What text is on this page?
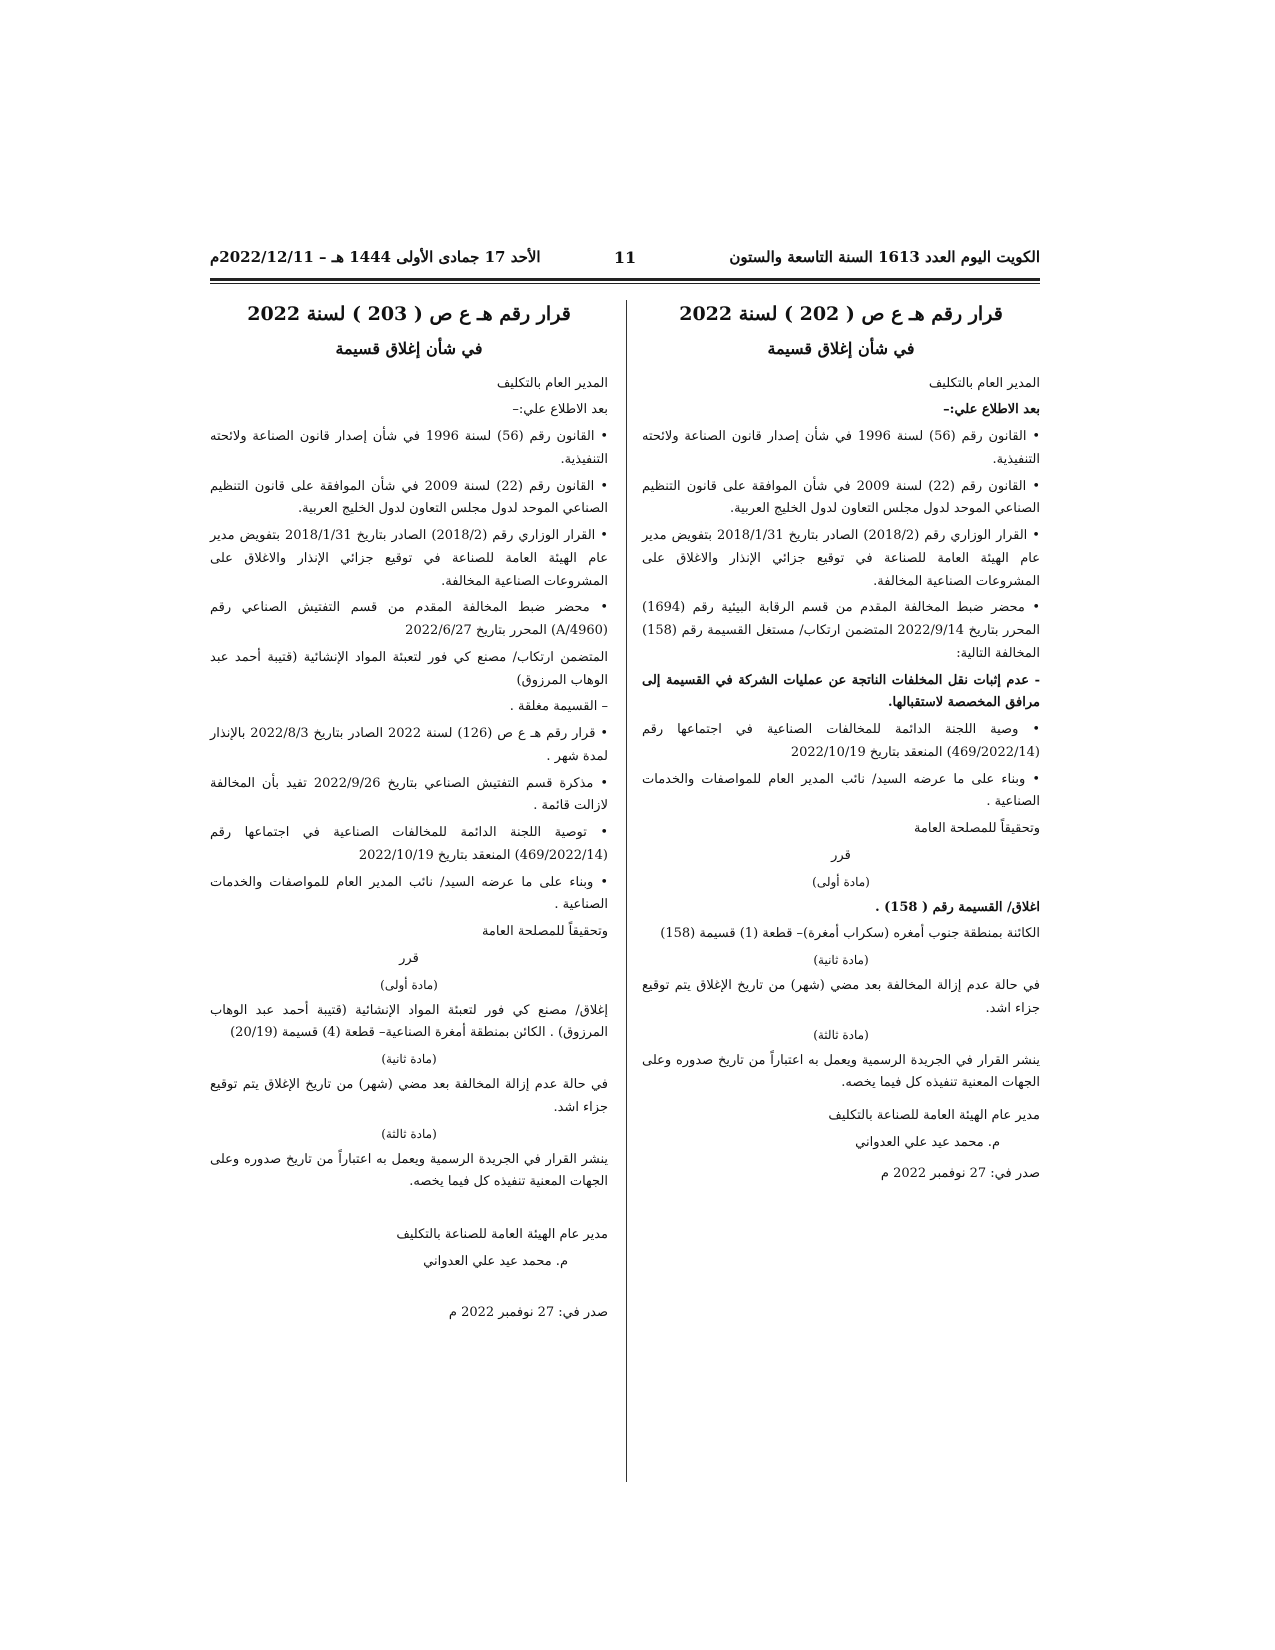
الكويت اليوم العدد 1613 السنة التاسعة والستون
11
الأحد 17 جمادى الأولى 1444 هـ – 2022/12/11م

قرار رقم هـ ع ص ( 202 ) لسنة 2022

في شأن إغلاق قسيمة

المدير العام بالتكليف

بعد الاطلاع علي:–

• القانون رقم (56) لسنة 1996 في شأن إصدار قانون الصناعة ولائحته التنفيذية.

• القانون رقم (22) لسنة 2009 في شأن الموافقة على قانون التنظيم الصناعي الموحد لدول مجلس التعاون لدول الخليج العربية.

• القرار الوزاري رقم (2018/2) الصادر بتاريخ 2018/1/31 بتفويض مدير عام الهيئة العامة للصناعة في توقيع جزائي الإنذار والاغلاق على المشروعات الصناعية المخالفة.

• محضر ضبط المخالفة المقدم من قسم الرقابة البيئية رقم (1694) المحرر بتاريخ 2022/9/14 المتضمن ارتكاب/ مستغل القسيمة رقم (158) المخالفة التالية:

- عدم إثبات نقل المخلفات الناتجة عن عمليات الشركة في القسيمة إلى مرافق المخصصة لاستقبالها.

• وصية اللجنة الدائمة للمخالفات الصناعية في اجتماعها رقم (469/2022/14) المنعقد بتاريخ 2022/10/19

• وبناء على ما عرضه السيد/ نائب المدير العام للمواصفات والخدمات الصناعية .

وتحقيقاً للمصلحة العامة

قرر

(مادة أولى)

اغلاق/ القسيمة رقم ( 158) .

الكائنة بمنطقة جنوب أمغره (سكراب أمغرة)– قطعة (1) قسيمة (158)

(مادة ثانية)

في حالة عدم إزالة المخالفة بعد مضي (شهر) من تاريخ الإغلاق يتم توقيع جزاء اشد.

(مادة ثالثة)

ينشر القرار في الجريدة الرسمية ويعمل به اعتباراً من تاريخ صدوره وعلى الجهات المعنية تنفيذه كل فيما يخصه.

مدير عام الهيئة العامة للصناعة بالتكليف

م. محمد عيد علي العدواني

صدر في: 27 نوفمبر 2022 م

قرار رقم هـ ع ص ( 203 ) لسنة 2022

في شأن إغلاق قسيمة

المدير العام بالتكليف

بعد الاطلاع علي:–

• القانون رقم (56) لسنة 1996 في شأن إصدار قانون الصناعة ولائحته التنفيذية.

• القانون رقم (22) لسنة 2009 في شأن الموافقة على قانون التنظيم الصناعي الموحد لدول مجلس التعاون لدول الخليج العربية.

• القرار الوزاري رقم (2018/2) الصادر بتاريخ 2018/1/31 بتفويض مدير عام الهيئة العامة للصناعة في توقيع جزائي الإنذار والاغلاق على المشروعات الصناعية المخالفة.

• محضر ضبط المخالفة المقدم من قسم التفتيش الصناعي رقم (4960/A) المحرر بتاريخ 2022/6/27

المتضمن ارتكاب/ مصنع كي فور لتعبئة المواد الإنشائية (قتيبة أحمد عبد الوهاب المرزوق)

– القسيمة مغلقة .

• قرار رقم هـ ع ص (126) لسنة 2022 الصادر بتاريخ 2022/8/3 بالإنذار لمدة شهر .

• مذكرة قسم التفتيش الصناعي بتاريخ 2022/9/26 تفيد بأن المخالفة لازالت قائمة .

• توصية اللجنة الدائمة للمخالفات الصناعية في اجتماعها رقم (469/2022/14) المنعقد بتاريخ 2022/10/19

• وبناء على ما عرضه السيد/ نائب المدير العام للمواصفات والخدمات الصناعية .

وتحقيقاً للمصلحة العامة

قرر

(مادة أولى)

إغلاق/ مصنع كي فور لتعبئة المواد الإنشائية (قتيبة أحمد عبد الوهاب المرزوق) . الكائن بمنطقة أمغرة الصناعية– قطعة (4) قسيمة (20/19)

(مادة ثانية)

في حالة عدم إزالة المخالفة بعد مضي (شهر) من تاريخ الإغلاق يتم توقيع جزاء اشد.

(مادة ثالثة)

ينشر القرار في الجريدة الرسمية ويعمل به اعتباراً من تاريخ صدوره وعلى الجهات المعنية تنفيذه كل فيما يخصه.

مدير عام الهيئة العامة للصناعة بالتكليف

م. محمد عيد علي العدواني

صدر في: 27 نوفمبر 2022 م
